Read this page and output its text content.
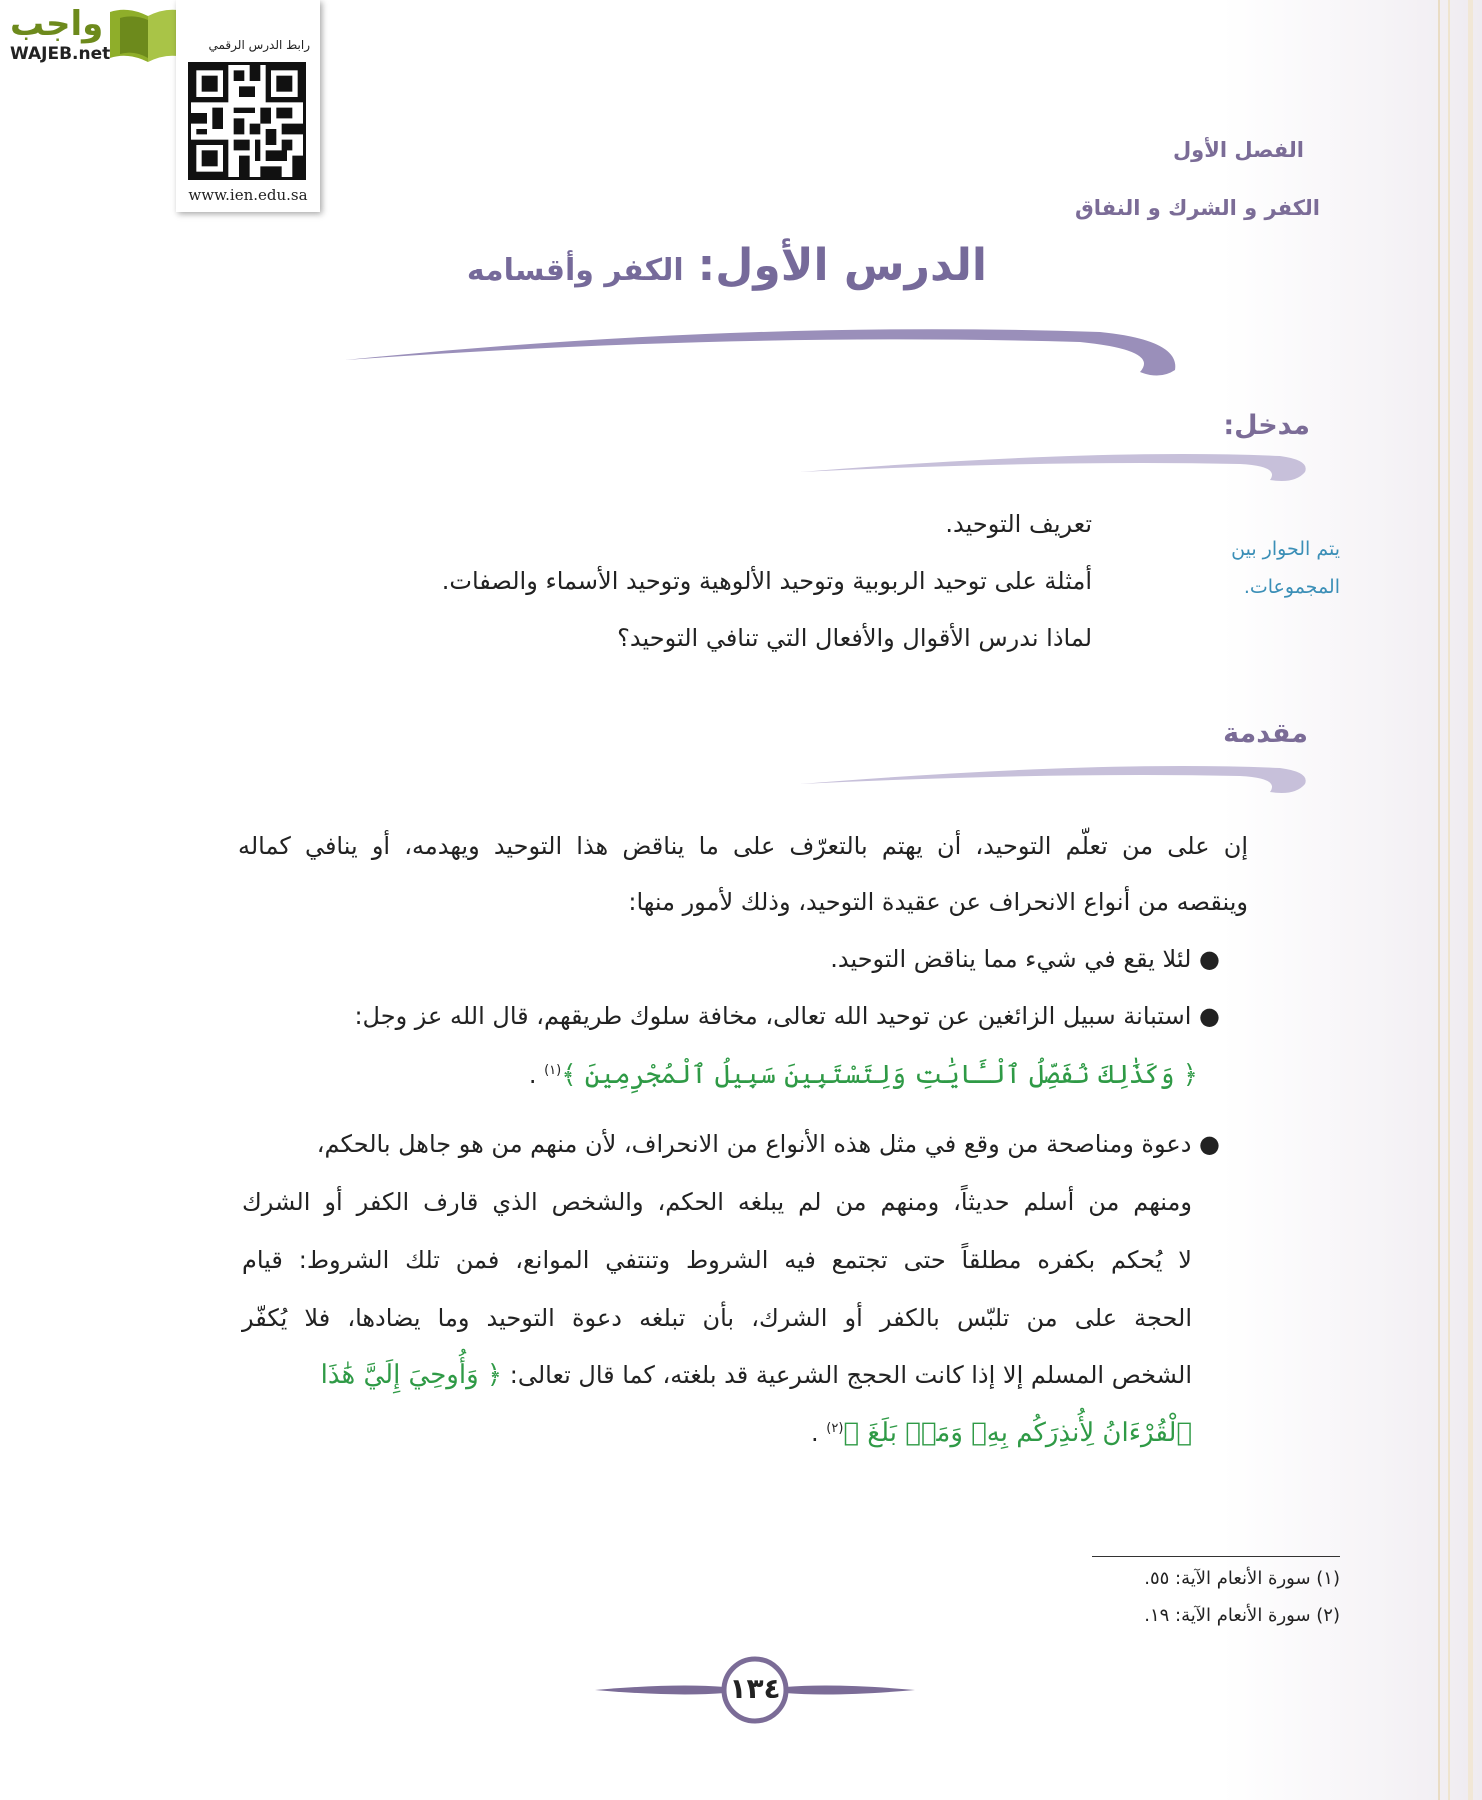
واجب
WAJEB.net	رابط الدرس الرقمي
www.ien.edu.sa
الفصل الأول
الكفر و الشرك و النفاق
الدرس الأول:الكفر وأقسامه
مدخل:
يتم الحوار بين المجموعات.
تعريف التوحيد.
أمثلة على توحيد الربوبية وتوحيد الألوهية وتوحيد الأسماء والصفات.
لماذا ندرس الأقوال والأفعال التي تنافي التوحيد؟
مقدمة
إن على من تعلّم التوحيد، أن يهتم بالتعرّف على ما يناقض هذا التوحيد ويهدمه، أو ينافي كماله
وينقصه من أنواع الانحراف عن عقيدة التوحيد، وذلك لأمور منها:
● لئلا يقع في شيء مما يناقض التوحيد.
● استبانة سبيل الزائغين عن توحيد الله تعالى، مخافة سلوك طريقهم، قال الله عز وجل:
﴿ وَكَذَٰلِكَ نُفَصِّلُ ٱلْـَٔايَٰتِ وَلِتَسْتَبِينَ سَبِيلُ ٱلْمُجْرِمِينَ ﴾$^{(١)}$ .
● دعوة ومناصحة من وقع في مثل هذه الأنواع من الانحراف، لأن منهم من هو جاهل بالحكم،
ومنهم من أسلم حديثاً، ومنهم من لم يبلغه الحكم، والشخص الذي قارف الكفر أو الشرك
لا يُحكم بكفره مطلقاً حتى تجتمع فيه الشروط وتنتفي الموانع، فمن تلك الشروط: قيام
الحجة على من تلبّس بالكفر أو الشرك، بأن تبلغه دعوة التوحيد وما يضادها، فلا يُكفّر
الشخص المسلم إلا إذا كانت الحجج الشرعية قد بلغته، كما قال تعالى: ﴿ وَأُوحِيَ إِلَيَّ هَٰذَا
ٱلْقُرْءَانُ لِأُنذِرَكُم بِهِۦ وَمَنۢ بَلَغَ ﴾$^{(٢)}$ .
(١) سورة الأنعام الآية: ٥٥.
(٢) سورة الأنعام الآية: ١٩.
١٣٤
